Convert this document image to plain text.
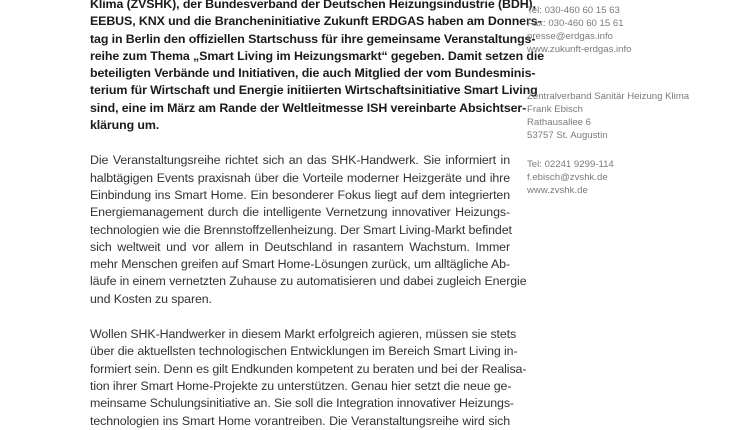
Klima (ZVSHK), der Bundesverband der Deutschen Heizungsindustrie (BDH),
EEBUS, KNX und die Brancheninitiative Zukunft ERDGAS haben am Donners-
tag in Berlin den offiziellen Startschuss für ihre gemeinsame Veranstaltungs-
reihe zum Thema „Smart Living im Heizungsmarkt“ gegeben. Damit setzen die
beteiligten Verbände und Initiativen, die auch Mitglied der vom Bundesminis-
terium für Wirtschaft und Energie initiierten Wirtschaftsinitiative Smart Living
sind, eine im März am Rande der Weltleitmesse ISH vereinbarte Absichtser-
klärung um.
Die Veranstaltungsreihe richtet sich an das SHK-Handwerk. Sie informiert in
halbtägigen Events praxisnah über die Vorteile moderner Heizgeräte und ihre
Einbindung ins Smart Home. Ein besonderer Fokus liegt auf dem integrierten
Energiemanagement durch die intelligente Vernetzung innovativer Heizungs-
technologien wie die Brennstoffzellenheizung. Der Smart Living-Markt befindet
sich weltweit und vor allem in Deutschland in rasantem Wachstum. Immer
mehr Menschen greifen auf Smart Home-Lösungen zurück, um alltägliche Ab-
läufe in einem vernetzten Zuhause zu automatisieren und dabei zugleich Energie
und Kosten zu sparen.
Wollen SHK-Handwerker in diesem Markt erfolgreich agieren, müssen sie stets
über die aktuellsten technologischen Entwicklungen im Bereich Smart Living in-
formiert sein. Denn es gilt Endkunden kompetent zu beraten und bei der Realisa-
tion ihrer Smart Home-Projekte zu unterstützen. Genau hier setzt die neue ge-
meinsame Schulungsinitiative an. Sie soll die Integration innovativer Heizungs-
technologien ins Smart Home vorantreiben. Die Veranstaltungsreihe wird sich
Tel: 030-460 60 15 63
Fax: 030-460 60 15 61
presse@erdgas.info
www.zukunft-erdgas.info
Zentralverband Sanitär Heizung Klima
Frank Ebisch
Rathausallee 6
53757 St. Augustin
Tel: 02241 9299-114
f.ebisch@zvshk.de
www.zvshk.de
